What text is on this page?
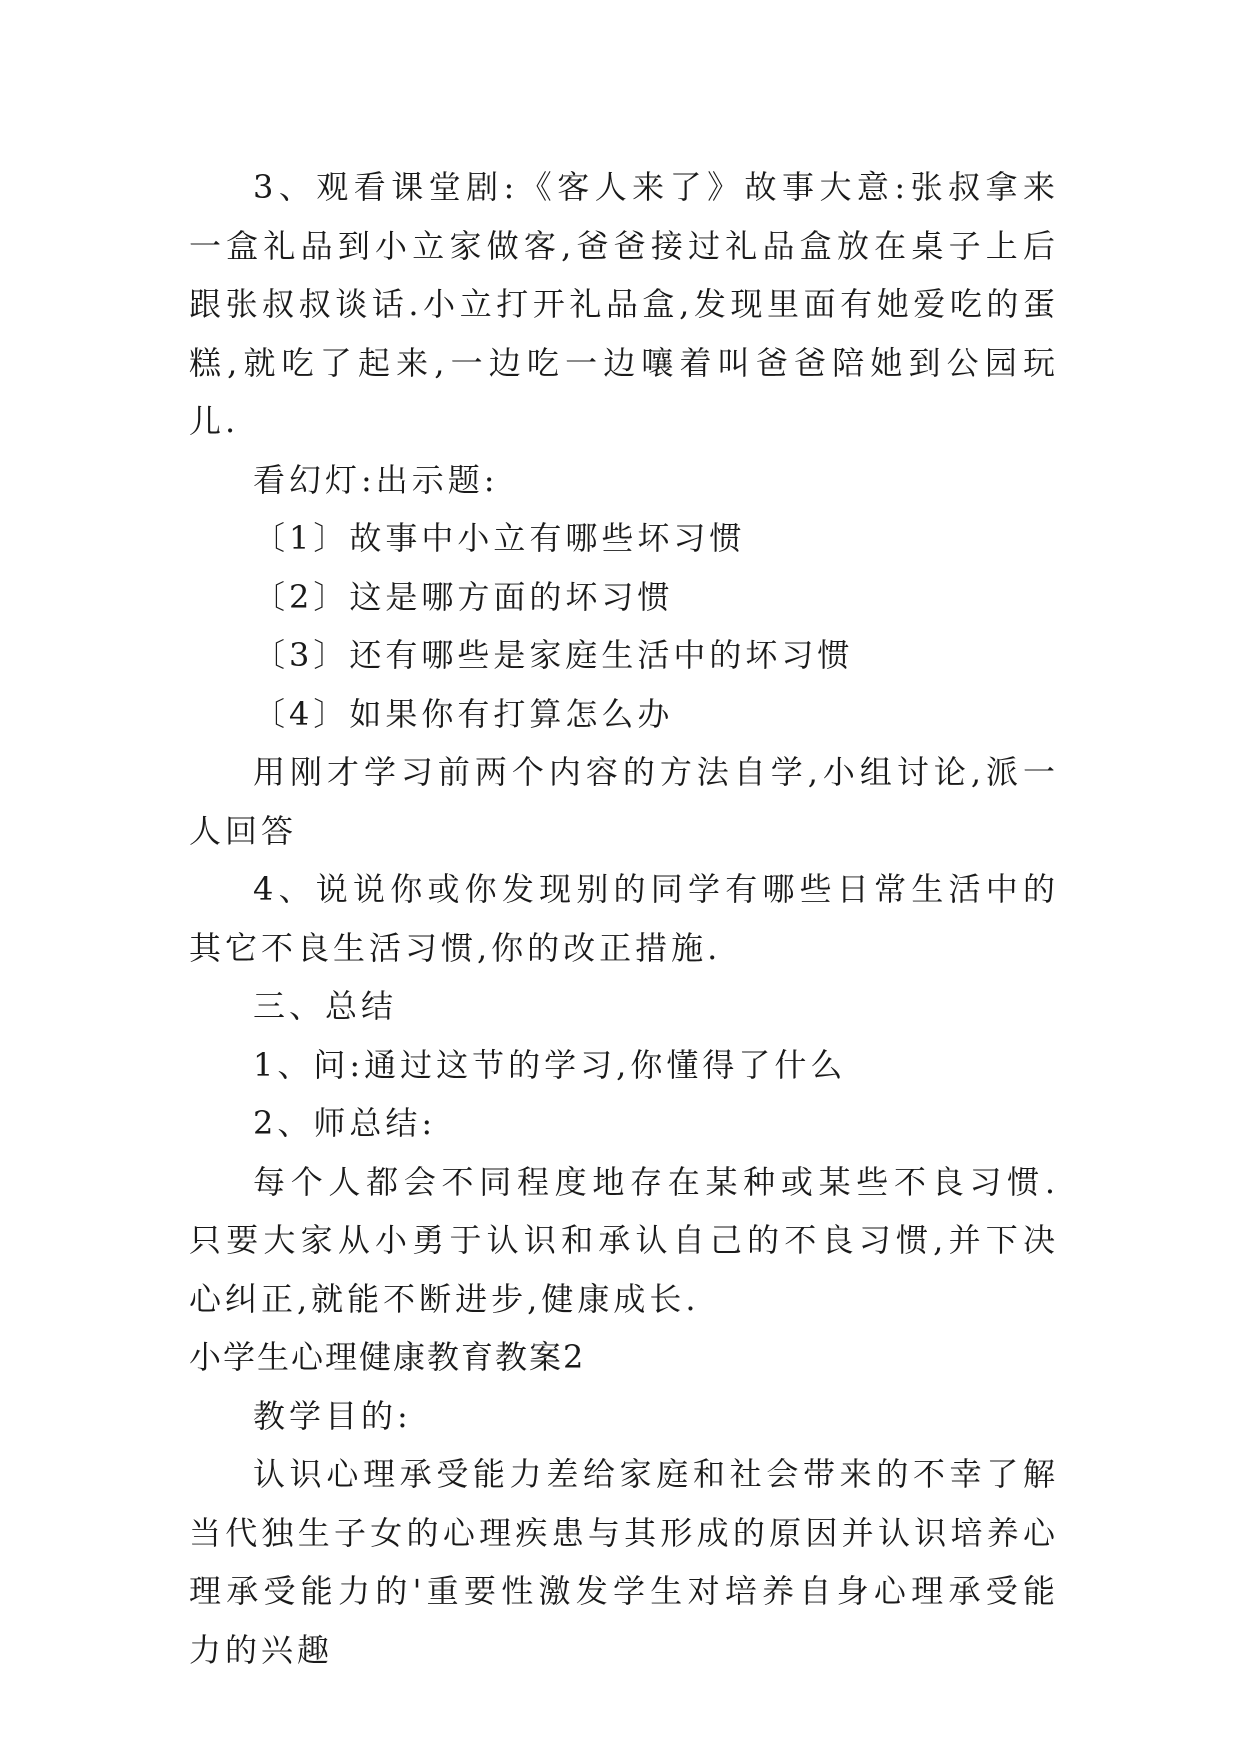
3、观看课堂剧:《客人来了》故事大意:张叔拿来一盒礼品到小立家做客,爸爸接过礼品盒放在桌子上后跟张叔叔谈话.小立打开礼品盒,发现里面有她爱吃的蛋糕,就吃了起来,一边吃一边嚷着叫爸爸陪她到公园玩儿.

看幻灯:出示题:

〔1〕故事中小立有哪些坏习惯

〔2〕这是哪方面的坏习惯

〔3〕还有哪些是家庭生活中的坏习惯

〔4〕如果你有打算怎么办

用刚才学习前两个内容的方法自学,小组讨论,派一人回答

4、说说你或你发现别的同学有哪些日常生活中的其它不良生活习惯,你的改正措施.

三、总结

1、问:通过这节的学习,你懂得了什么

2、师总结:

每个人都会不同程度地存在某种或某些不良习惯.只要大家从小勇于认识和承认自己的不良习惯,并下决心纠正,就能不断进步,健康成长.

小学生心理健康教育教案2

教学目的:

认识心理承受能力差给家庭和社会带来的不幸了解当代独生子女的心理疾患与其形成的原因并认识培养心理承受能力的'重要性激发学生对培养自身心理承受能力的兴趣
